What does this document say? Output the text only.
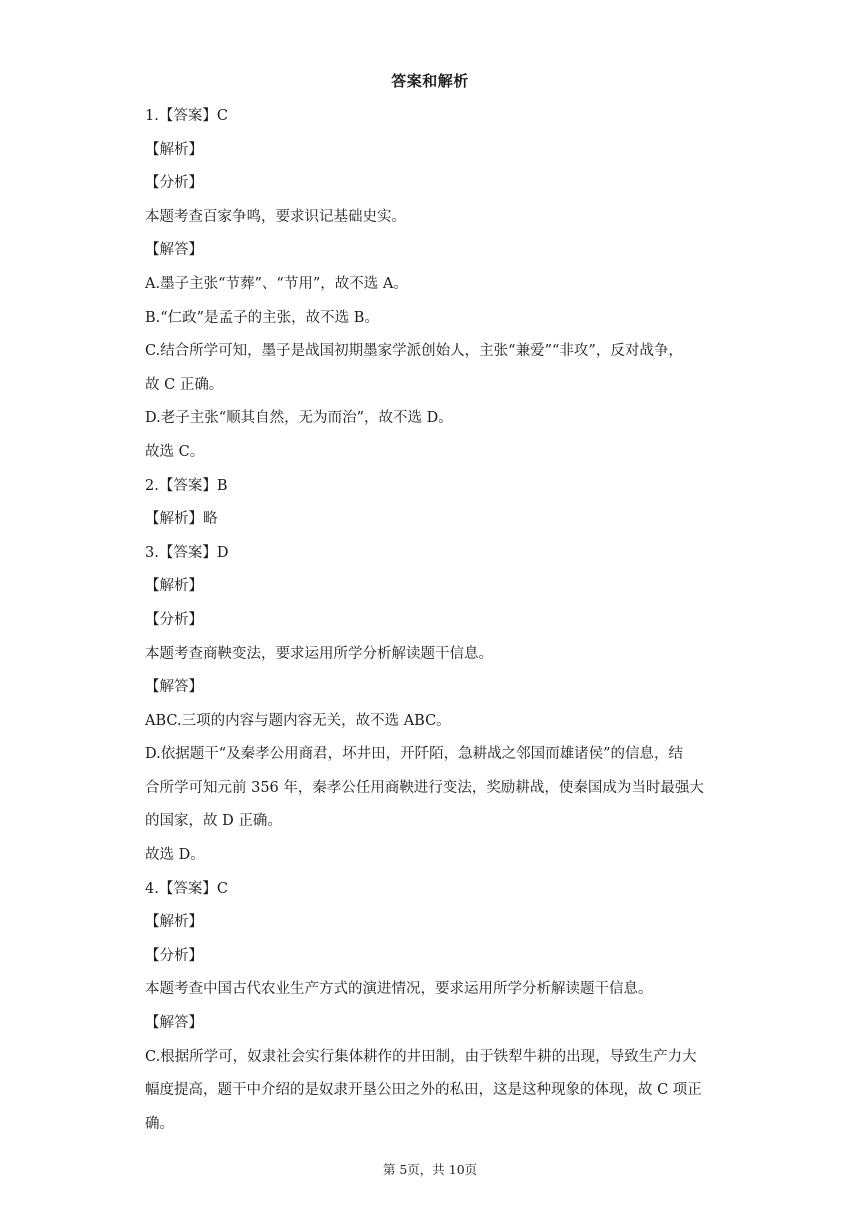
答案和解析
1.【答案】C
【解析】
【分析】
本题考查百家争鸣，要求识记基础史实。
【解答】
A.墨子主张“节葬”、“节用”，故不选 A。
B.“仁政”是孟子的主张，故不选 B。
C.结合所学可知，墨子是战国初期墨家学派创始人，主张“兼爱”“非攻”，反对战争，
故 C 正确。
D.老子主张“顺其自然，无为而治”，故不选 D。
故选 C。
2.【答案】B
【解析】略
3.【答案】D
【解析】
【分析】
本题考查商鞅变法，要求运用所学分析解读题干信息。
【解答】
ABC.三项的内容与题内容无关，故不选 ABC。
D.依据题干“及秦孝公用商君，坏井田，开阡陌，急耕战之邻国而雄诸侯”的信息，结
合所学可知元前 356 年，秦孝公任用商鞅进行变法，奖励耕战，使秦国成为当时最强大
的国家，故 D 正确。
故选 D。
4.【答案】C
【解析】
【分析】
本题考查中国古代农业生产方式的演进情况，要求运用所学分析解读题干信息。
【解答】
C.根据所学可，奴隶社会实行集体耕作的井田制，由于铁犁牛耕的出现，导致生产力大
幅度提高，题干中介绍的是奴隶开垦公田之外的私田，这是这种现象的体现，故 C 项正
确。
第 5页，共 10页
